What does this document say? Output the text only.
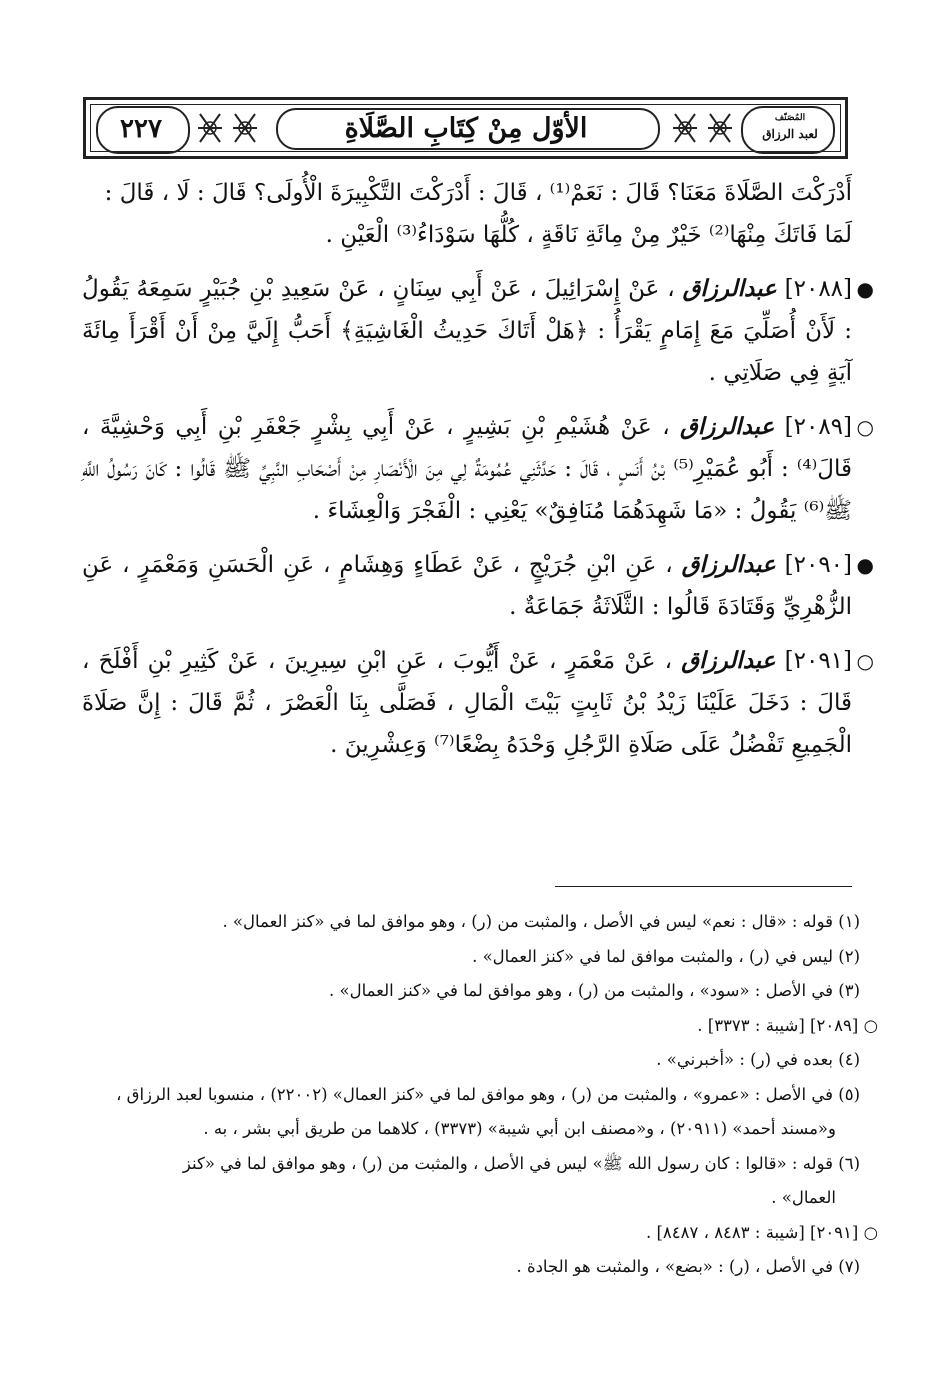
٢٢٧	الأوّل مِنْ كِتَابِ الصَّلَاةِ	المُصَنّف
لعبد الرزاق

أَدْرَكْتَ الصَّلَاةَ مَعَنَا؟ قَالَ : نَعَمْ⁽¹⁾ ، قَالَ : أَدْرَكْتَ التَّكْبِيرَةَ الْأُولَى؟ قَالَ : لَا ، قَالَ :
لَمَا فَاتَكَ مِنْهَا⁽²⁾ خَيْرٌ مِنْ مِائَةِ نَاقَةٍ ، كُلُّهَا سَوْدَاءُ⁽³⁾ الْعَيْنِ .

●
[٢٠٨٨] عبدالرزاق ، عَنْ إِسْرَائِيلَ ، عَنْ أَبِي سِنَانٍ ، عَنْ سَعِيدِ بْنِ جُبَيْرٍ سَمِعَهُ يَقُولُ : لَأَنْ أُصَلِّيَ مَعَ إِمَامٍ يَقْرَأُ : ﴿هَلْ أَتَاكَ حَدِيثُ الْغَاشِيَةِ﴾ أَحَبُّ إِلَيَّ مِنْ أَنْ أَقْرَأَ مِائَةَ آيَةٍ فِي صَلَاتِي .

○
[٢٠٨٩] عبدالرزاق ، عَنْ هُشَيْمِ بْنِ بَشِيرٍ ، عَنْ أَبِي بِشْرٍ جَعْفَرِ بْنِ أَبِي وَحْشِيَّةَ ، قَالَ⁽⁴⁾ : أَبُو عُمَيْرِ⁽⁵⁾ بْنُ أَنَسٍ ، قَالَ : حَدَّثَنِي عُمُومَةٌ لِي مِنَ الْأَنْصَارِ مِنْ أَصْحَابِ النَّبِيِّ ﷺ قَالُوا : كَانَ رَسُولُ اللَّهِ ﷺ⁽⁶⁾ يَقُولُ : «مَا شَهِدَهُمَا مُنَافِقٌ» يَعْنِي : الْفَجْرَ وَالْعِشَاءَ .

●
[٢٠٩٠] عبدالرزاق ، عَنِ ابْنِ جُرَيْجٍ ، عَنْ عَطَاءٍ وَهِشَامٍ ، عَنِ الْحَسَنِ وَمَعْمَرٍ ، عَنِ الزُّهْرِيِّ وَقَتَادَةَ قَالُوا : الثَّلَاثَةُ جَمَاعَةٌ .

○
[٢٠٩١] عبدالرزاق ، عَنْ مَعْمَرٍ ، عَنْ أَيُّوبَ ، عَنِ ابْنِ سِيرِينَ ، عَنْ كَثِيرِ بْنِ أَفْلَحَ ، قَالَ : دَخَلَ عَلَيْنَا زَيْدُ بْنُ ثَابِتٍ بَيْتَ الْمَالِ ، فَصَلَّى بِنَا الْعَصْرَ ، ثُمَّ قَالَ : إِنَّ صَلَاةَ الْجَمِيعِ تَفْضُلُ عَلَى صَلَاةِ الرَّجُلِ وَحْدَهُ بِضْعًا⁽⁷⁾ وَعِشْرِينَ .

(١) قوله : «قال : نعم» ليس في الأصل ، والمثبت من (ر) ، وهو موافق لما في «كنز العمال» .

(٢) ليس في (ر) ، والمثبت موافق لما في «كنز العمال» .

(٣) في الأصل : «سود» ، والمثبت من (ر) ، وهو موافق لما في «كنز العمال» .

○ [٢٠٨٩] [شيبة : ٣٣٧٣] .

(٤) بعده في (ر) : «أخبرني» .

(٥) في الأصل : «عمرو» ، والمثبت من (ر) ، وهو موافق لما في «كنز العمال» (٢٢٠٠٢) ، منسوبا لعبد الرزاق ،

و«مسند أحمد» (٢٠٩١١) ، و«مصنف ابن أبي شيبة» (٣٣٧٣) ، كلاهما من طريق أبي بشر ، به .

(٦) قوله : «قالوا : كان رسول الله ﷺ» ليس في الأصل ، والمثبت من (ر) ، وهو موافق لما في «كنز

العمال» .

○ [٢٠٩١] [شيبة : ٨٤٨٣ ، ٨٤٨٧] .

(٧) في الأصل ، (ر) : «بضع» ، والمثبت هو الجادة .
